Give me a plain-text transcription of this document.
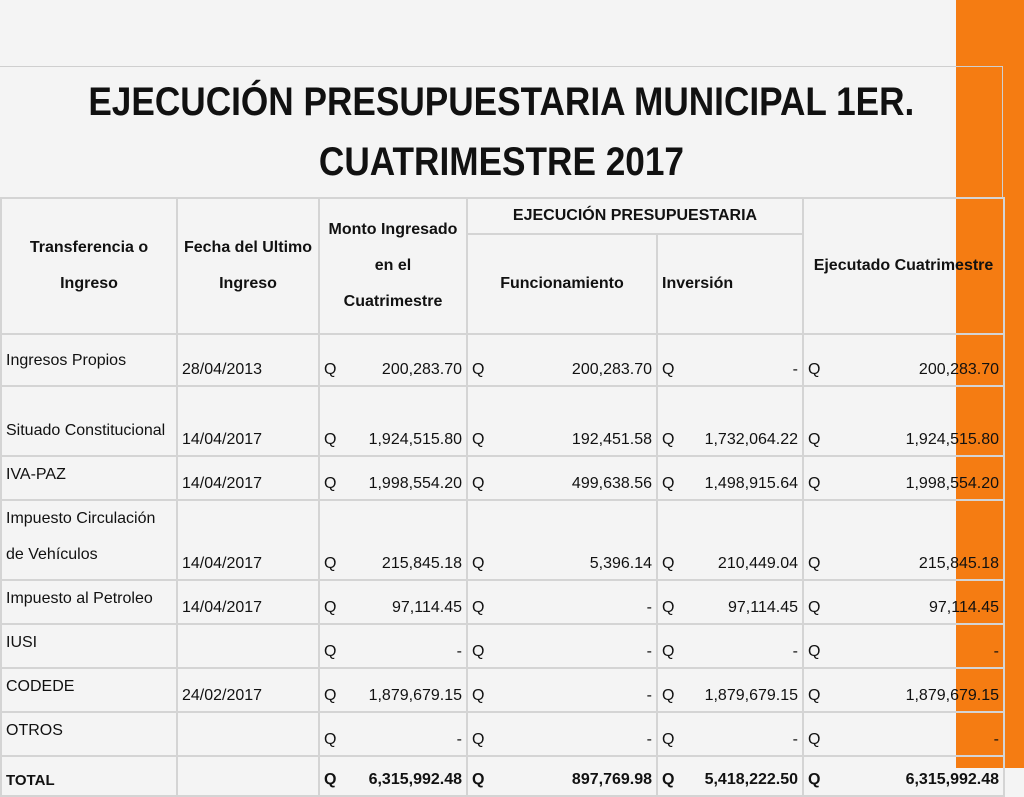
EJECUCIÓN PRESUPUESTARIA MUNICIPAL 1ER.
CUATRIMESTRE 2017
Transferencia o Ingreso	Fecha del Ultimo Ingreso	Monto Ingresado en el Cuatrimestre	EJECUCIÓN PRESUPUESTARIA		Ejecutado Cuatrimestre
			Funcionamiento	Inversión	
Ingresos Propios	28/04/2013	Q 200,283.70	Q 200,283.70	Q -	Q 200,283.70

Situado Constitucional	14/04/2017	Q 1,924,515.80	Q 192,451.58	Q 1,732,064.22	Q 1,924,515.80

IVA-PAZ	14/04/2017	Q 1,998,554.20	Q 499,638.56	Q 1,498,915.64	Q 1,998,554.20

Impuesto Circulación de Vehículos	14/04/2017	Q 215,845.18	Q 5,396.14	Q 210,449.04	Q 215,845.18

Impuesto al Petroleo	14/04/2017	Q 97,114.45	Q -	Q 97,114.45	Q 97,114.45

IUSI		Q -	Q -	Q -	Q -

CODEDE	24/02/2017	Q 1,879,679.15	Q -	Q 1,879,679.15	Q 1,879,679.15

OTROS		Q -	Q -	Q -	Q -

TOTAL		Q 6,315,992.48	Q 897,769.98	Q 5,418,222.50	Q 6,315,992.48
